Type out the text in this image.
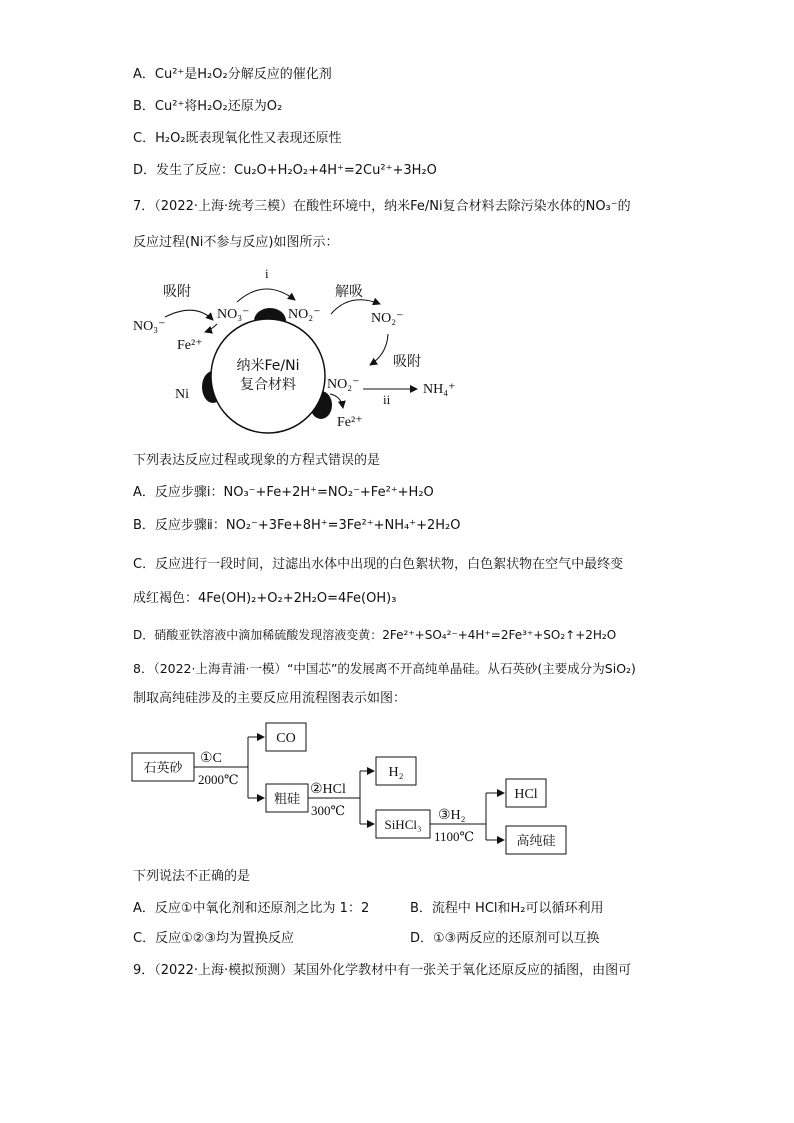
A．Cu²⁺是H₂O₂分解反应的催化剂
B．Cu²⁺将H₂O₂还原为O₂
C．H₂O₂既表现氧化性又表现还原性
D．发生了反应：Cu₂O+H₂O₂+4H⁺=2Cu²⁺+3H₂O
7．（2022·上海·统考三模）在酸性环境中，纳米Fe/Ni复合材料去除污染水体的NO₃⁻的
反应过程(Ni不参与反应)如图所示：
吸附
i
解吸
吸附
ii
NO₃⁻
NO₃⁻	NO₂⁻	NO₂⁻
NO₂⁻	NH₄⁺
Fe²⁺
Fe²⁺
Ni
纳米Fe/Ni
复合材料
下列表达反应过程或现象的方程式错误的是
A．反应步骤ⅰ：NO₃⁻+Fe+2H⁺=NO₂⁻+Fe²⁺+H₂O
B．反应步骤ⅱ：NO₂⁻+3Fe+8H⁺=3Fe²⁺+NH₄⁺+2H₂O
C．反应进行一段时间，过滤出水体中出现的白色絮状物，白色絮状物在空气中最终变
成红褐色：4Fe(OH)₂+O₂+2H₂O=4Fe(OH)₃
D．硝酸亚铁溶液中滴加稀硫酸发现溶液变黄：2Fe²⁺+SO₄²⁻+4H⁺=2Fe³⁺+SO₂↑+2H₂O
8．（2022·上海青浦·一模）“中国芯”的发展离不开高纯单晶硅。从石英砂(主要成分为SiO₂)
制取高纯硅涉及的主要反应用流程图表示如图：
石英砂
CO
粗硅
H₂
SiHCl₃
HCl
高纯硅
①C
2000℃
②HCl
300℃	③H₂
1100℃
下列说法不正确的是
A．反应①中氧化剂和还原剂之比为 1：2	B．流程中 HCl和H₂可以循环利用
C．反应①②③均为置换反应	D．①③两反应的还原剂可以互换
9．（2022·上海·模拟预测）某国外化学教材中有一张关于氧化还原反应的插图，由图可
